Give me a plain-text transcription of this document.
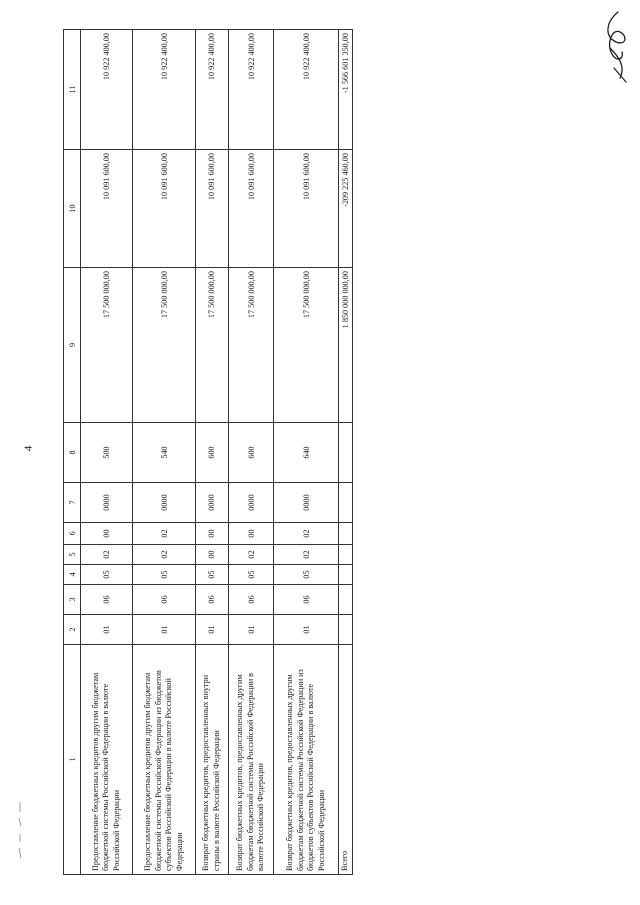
4
1	2	3	4	5	6	7	8	9	10	11
Предоставление бюджетных кредитов другим бюджетам бюджетной системы Российской Федерации в валюте Российской Федерации	01	06	05	02	00	0000	500	17 500 000,00	10 091 600,00	10 922 400,00
Предоставление бюджетных кредитов другим бюджетам бюджетной системы Российской Федерации из бюджетов субъектов Российской Федерации в валюте Российской Федерации	01	06	05	02	02	0000	540	17 500 000,00	10 091 600,00	10 922 400,00
Возврат бюджетных кредитов, предоставленных внутри страны в валюте Российской Федерации	01	06	05	00	00	0000	600	17 500 000,00	10 091 600,00	10 922 400,00
Возврат бюджетных кредитов, предоставленных другим бюджетам бюджетной системы Российской Федерации в валюте Российской Федерации	01	06	05	02	00	0000	600	17 500 000,00	10 091 600,00	10 922 400,00
Возврат бюджетных кредитов, предоставленных другим бюджетам бюджетной системы Российской Федерации из бюджетов субъектов Российской Федерации в валюте Российской Федерации	01	06	05	02	02	0000	640	17 500 000,00	10 091 600,00	10 922 400,00
Всего								1 850 000 000,00	-209 225 460,00	-1 566 601 350,00
